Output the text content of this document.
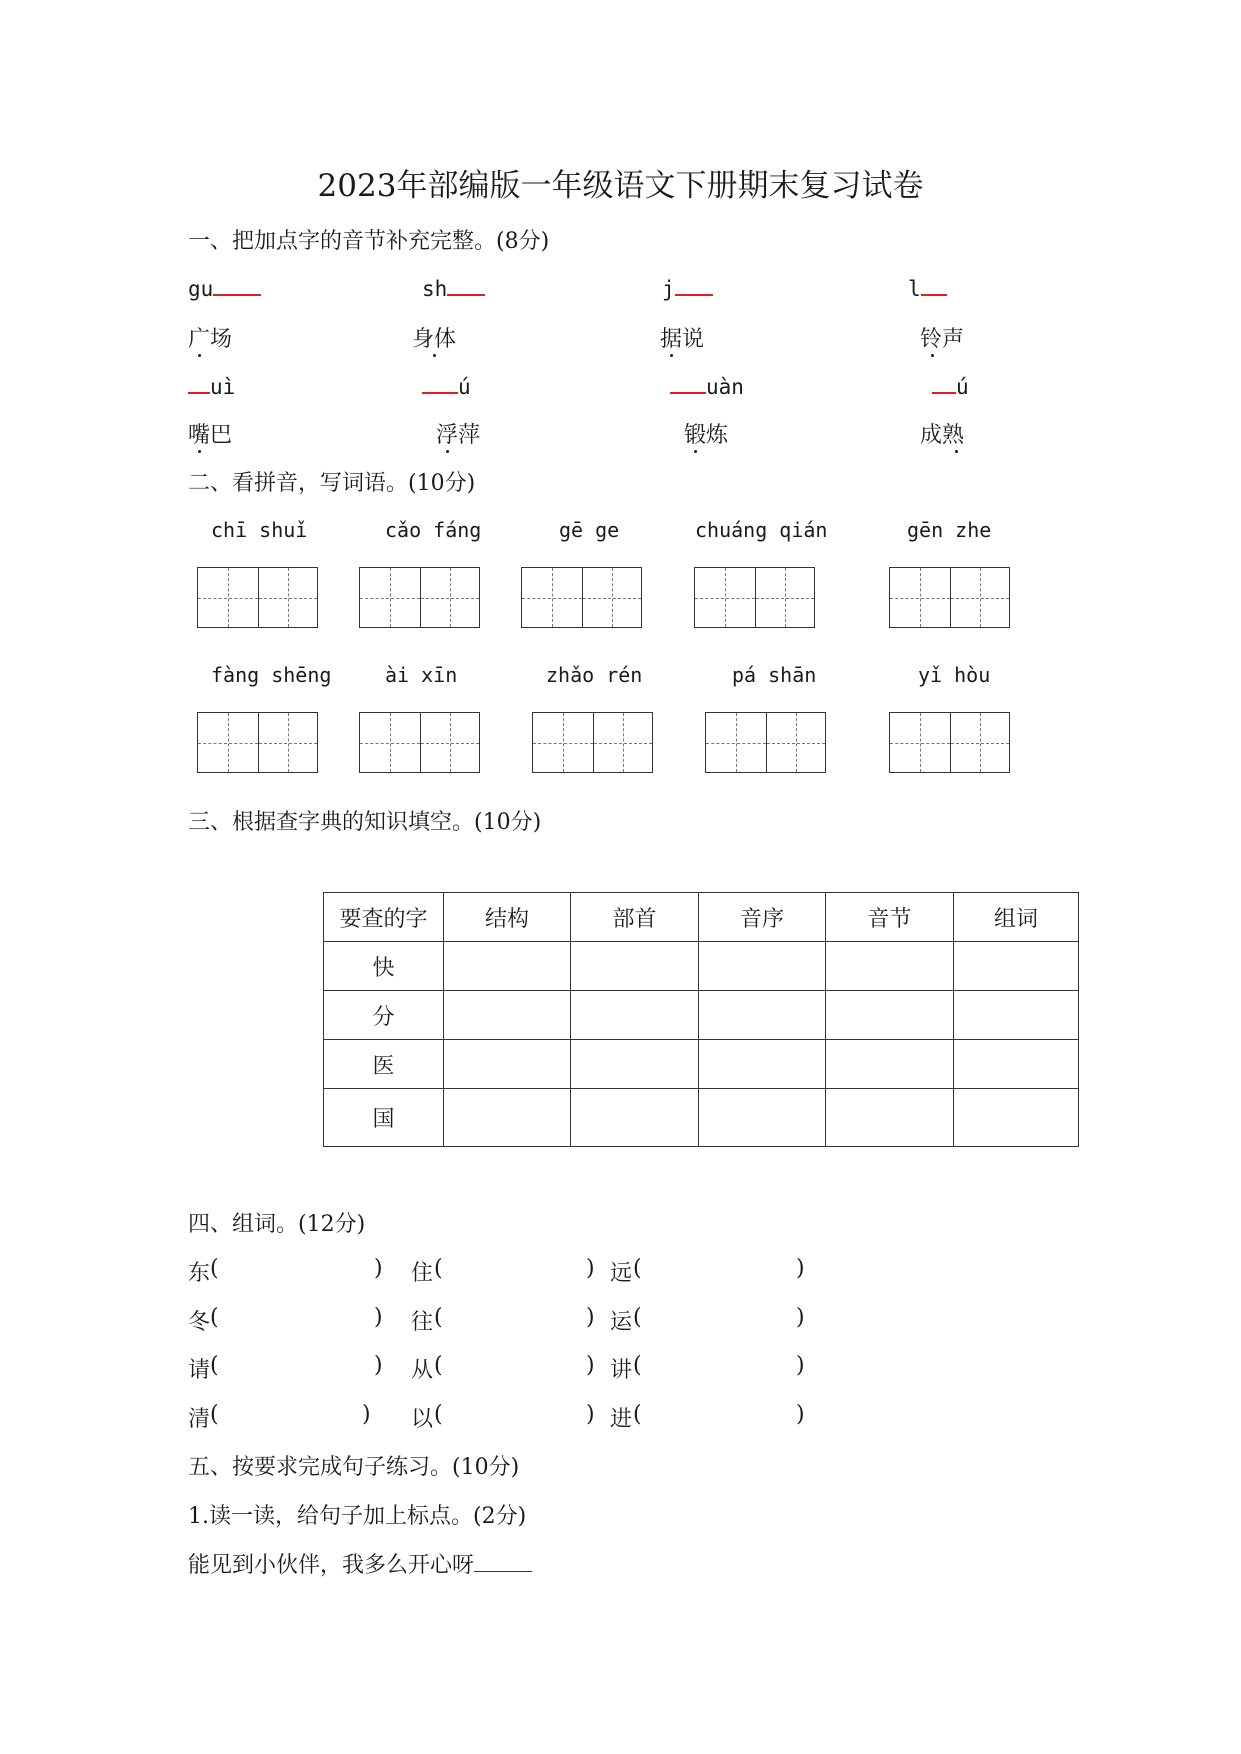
2023年部编版一年级语文下册期末复习试卷
一、把加点字的音节补充完整。(8分)
gu	sh	j	l
广场	身体	据说	铃声
uì	ú	uàn	ú
嘴巴	浮萍	锻炼	成熟
二、看拼音，写词语。(10分)
chī shuǐ	cǎo fáng	gē ge	chuáng qián	gēn zhe
fàng shēng	ài xīn	zhǎo rén	pá shān	yǐ hòu
三、根据查字典的知识填空。(10分)
要查的字	结构	部首	音序	音节	组词
快					
分					
医					
国					
四、组词。(12分)
东 (	) 住 (	) 远 (	)
冬 (	) 往 (	) 运 (	)
请 (	) 从 (	) 讲 (	)
清 (	) 以 (	) 进 (	)
五、按要求完成句子练习。(10分)
1.读一读，给句子加上标点。(2分)
能见到小伙伴，我多么开心呀
